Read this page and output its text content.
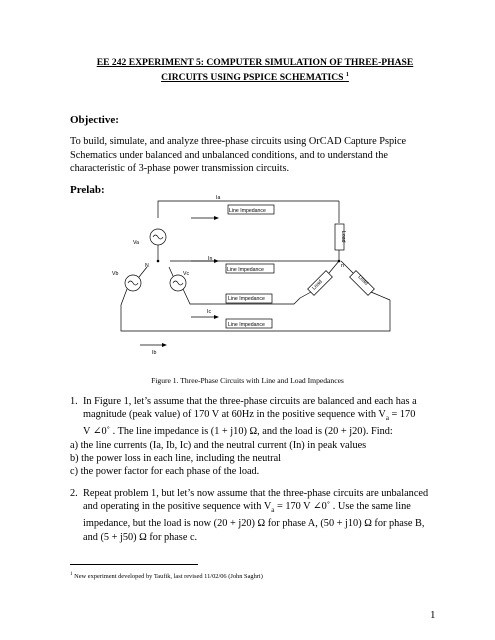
EE 242 EXPERIMENT 5: COMPUTER SIMULATION OF THREE-PHASE
CIRCUITS USING PSPICE SCHEMATICS $^1$
Objective:
To build, simulate, and analyze three-phase circuits using OrCAD Capture Pspice Schematics under balanced and unbalanced conditions, and to understand the characteristic of 3-phase power transmission circuits.
Prelab:
Ia
Line Impedance
Va
In
N	n
Line Impedance
Vb	Vc
Line Impedance
Ic
Line Impedance
Ib
Load
Load	Load
Figure 1. Three-Phase Circuits with Line and Load Impedances
1. In Figure 1, let’s assume that the three-phase circuits are balanced and each has a
magnitude (peak value) of 170 V at 60Hz in the positive sequence with $V_a = 170$
V ∠0˚ . The line impedance is (1 + j10) Ω, and the load is (20 + j20). Find:
a) the line currents (Ia, Ib, Ic) and the neutral current (In) in peak values
b) the power loss in each line, including the neutral
c) the power factor for each phase of the load.
2. Repeat problem 1, but let’s now assume that the three-phase circuits are unbalanced
and operating in the positive sequence with $V_a = 170$ V ∠0˚ . Use the same line
impedance, but the load is now (20 + j20) Ω for phase A, (50 + j10) Ω for phase B,
and (5 + j50) Ω for phase c.
$^1$ New experiment developed by Taufik, last revised 11/02/06 (John Saghri)
1
